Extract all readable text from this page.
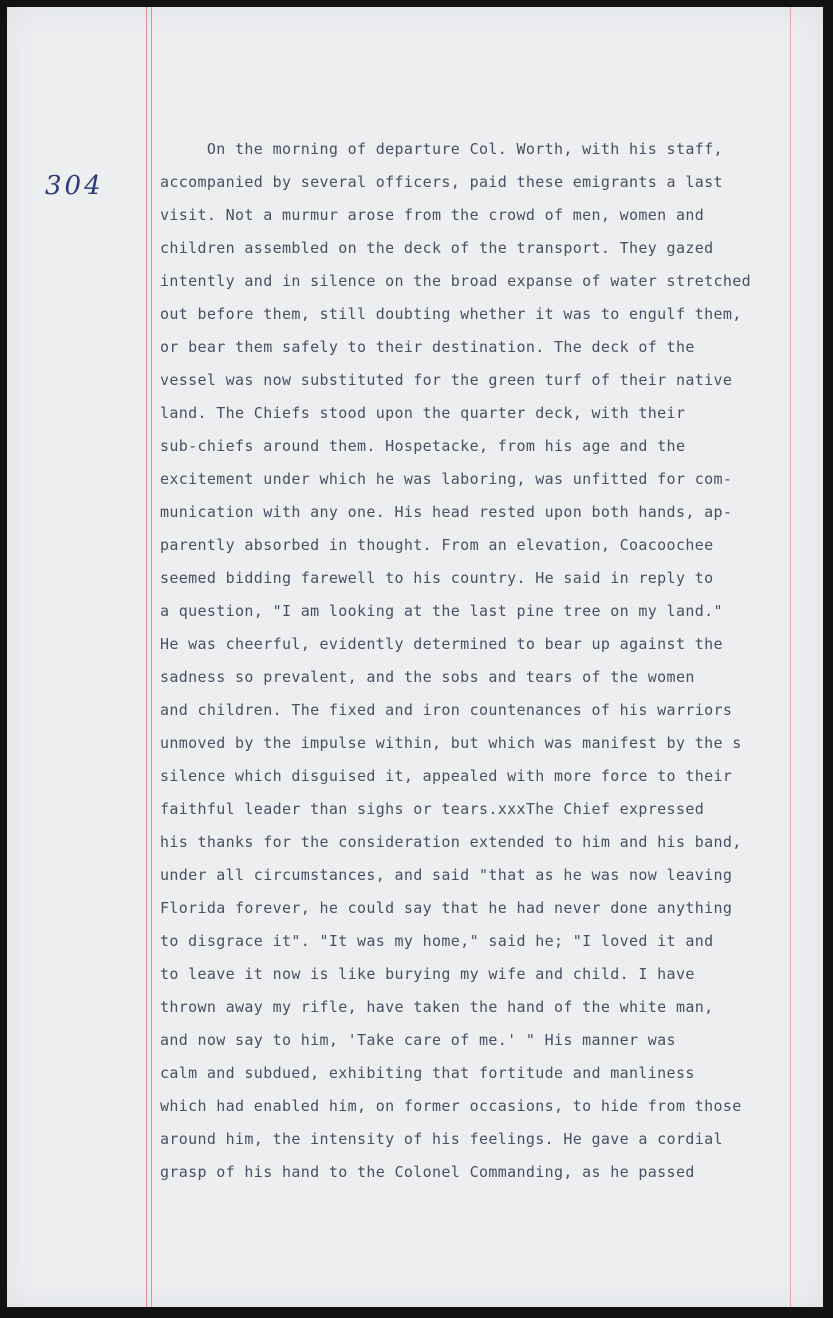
304
On the morning of departure Col. Worth, with his staff,
accompanied by several officers, paid these emigrants a last
visit. Not a murmur arose from the crowd of men, women and
children assembled on the deck of the transport. They gazed
intently and in silence on the broad expanse of water stretched
out before them, still doubting whether it was to engulf them,
or bear them safely to their destination. The deck of the
vessel was now substituted for the green turf of their native
land. The Chiefs stood upon the quarter deck, with their
sub-chiefs around them. Hospetacke, from his age and the
excitement under which he was laboring, was unfitted for com-
munication with any one. His head rested upon both hands, ap-
parently absorbed in thought. From an elevation, Coacoochee
seemed bidding farewell to his country. He said in reply to
a question, "I am looking at the last pine tree on my land."
He was cheerful, evidently determined to bear up against the
sadness so prevalent, and the sobs and tears of the women
and children. The fixed and iron countenances of his warriors
unmoved by the impulse within, but which was manifest by the s
silence which disguised it, appealed with more force to their
faithful leader than sighs or tears.xxxThe Chief expressed
his thanks for the consideration extended to him and his band,
under all circumstances, and said "that as he was now leaving
Florida forever, he could say that he had never done anything
to disgrace it". "It was my home," said he; "I loved it and
to leave it now is like burying my wife and child. I have
thrown away my rifle, have taken the hand of the white man,
and now say to him, 'Take care of me.' " His manner was
calm and subdued, exhibiting that fortitude and manliness
which had enabled him, on former occasions, to hide from those
around him, the intensity of his feelings. He gave a cordial
grasp of his hand to the Colonel Commanding, as he passed
